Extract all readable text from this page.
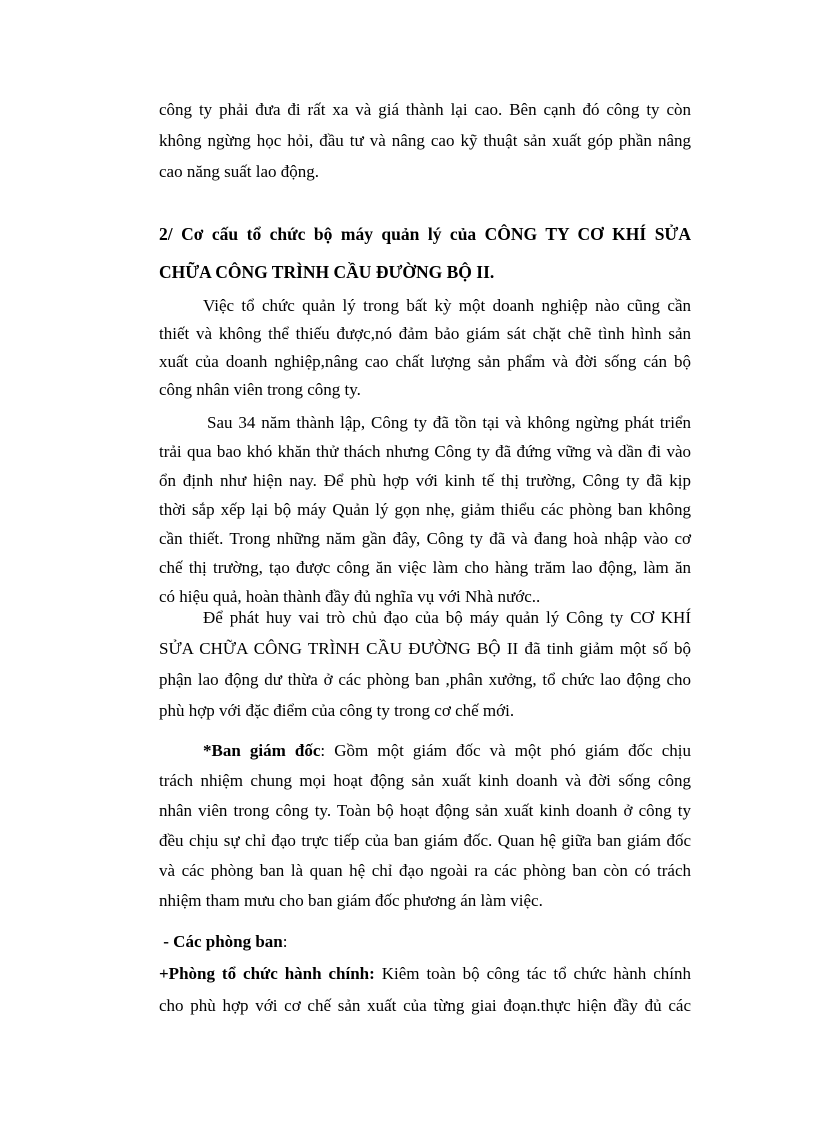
công ty phải đưa đi rất xa và giá thành lại cao. Bên cạnh đó công ty còn
không ngừng học hỏi, đầu tư và nâng cao kỹ thuật sản xuất góp phần nâng
cao năng suất lao động.
2/ Cơ cấu tổ chức bộ máy quản lý của CÔNG TY CƠ KHÍ SỬA
CHỮA CÔNG TRÌNH CẦU ĐƯỜNG BỘ II.
Việc tổ chức quản lý trong bất kỳ một doanh nghiệp nào cũng cần
thiết và không thể thiếu được,nó đảm bảo giám sát chặt chẽ tình hình sản
xuất của doanh nghiệp,nâng cao chất lượng sản phẩm và đời sống cán bộ
công nhân viên trong công ty.
Sau 34 năm thành lập, Công ty đã tồn tại và không ngừng phát triển
trải qua bao khó khăn thử thách nhưng Công ty đã đứng vững và dần đi vào
ổn định như hiện nay. Để phù hợp với kinh tế thị trường, Công ty đã kịp
thời sắp xếp lại bộ máy Quản lý gọn nhẹ, giảm thiểu các phòng ban không
cần thiết. Trong những năm gần đây, Công ty đã và đang hoà nhập vào cơ
chế thị trường, tạo được công ăn việc làm cho hàng trăm lao động, làm ăn
có hiệu quả, hoàn thành đầy đủ nghĩa vụ với Nhà nước..
Để phát huy vai trò chủ đạo của bộ máy quản lý Công ty CƠ KHÍ
SỬA CHỮA CÔNG TRÌNH CẦU ĐƯỜNG BỘ II đã tinh giảm một số bộ
phận lao động dư thừa ở các phòng ban ,phân xưởng, tổ chức lao động cho
phù hợp với đặc điểm của công ty trong cơ chế mới.
*Ban giám đốc: Gồm một giám đốc và một phó giám đốc chịu
trách nhiệm chung mọi hoạt động sản xuất kinh doanh và đời sống công
nhân viên trong công ty. Toàn bộ hoạt động sản xuất kinh doanh ở công ty
đều chịu sự chỉ đạo trực tiếp của ban giám đốc. Quan hệ giữa ban giám đốc
và các phòng ban là quan hệ chỉ đạo ngoài ra các phòng ban còn có trách
nhiệm tham mưu cho ban giám đốc phương án làm việc.
- Các phòng ban:
+Phòng tổ chức hành chính: Kiêm toàn bộ công tác tổ chức hành chính
cho phù hợp với cơ chế sản xuất của từng giai đoạn.thực hiện đầy đủ các
